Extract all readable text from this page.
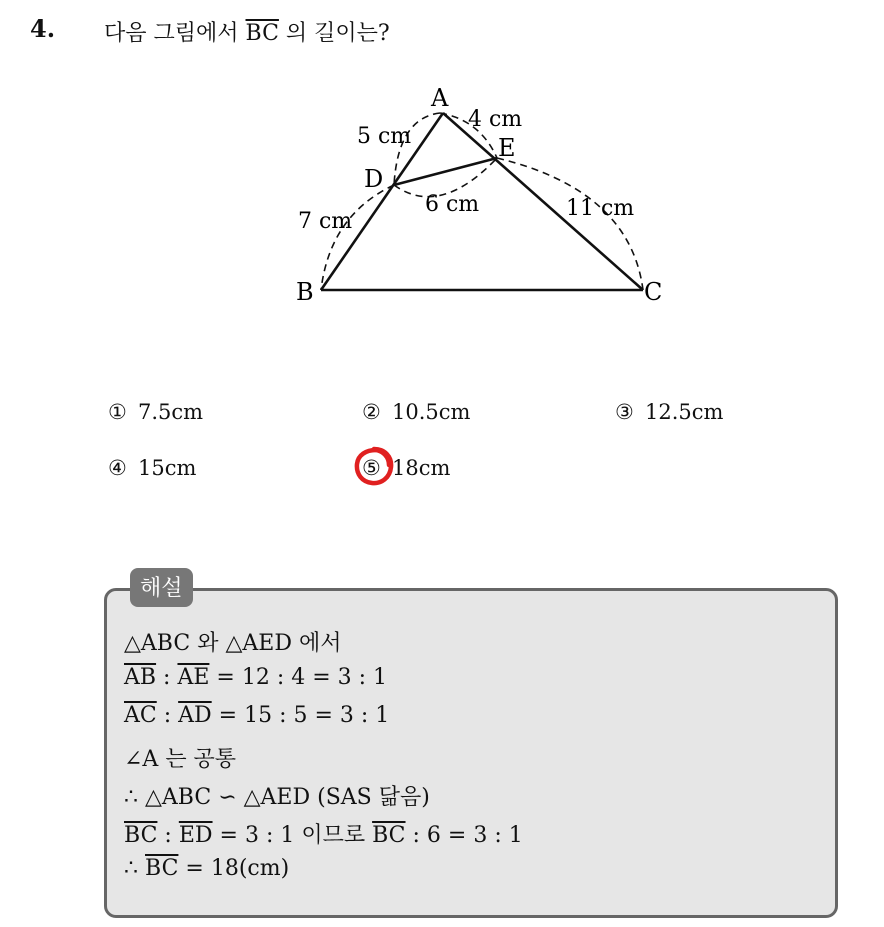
4. 다음 그림에서 $\overline{BC}$ 의 길이는?
A
B	C
D
E
5 cm
4 cm
7 cm
6 cm	11 cm
① 7.5cm	② 10.5cm	③ 12.5cm
④ 15cm	⑤ 18cm
해설
△ABC 와 △AED 에서
$\overline{AB}$ : $\overline{AE} = 12$ : 4 = 3 : 1
$\overline{AC}$ : $\overline{AD} = 15$ : 5 = 3 : 1
∠A 는 공통
∴ △ABC ∽ △AED (SAS 닮음)
$\overline{BC}$ : $\overline{ED} = 3$ : 1 이므로 $\overline{BC}$ : 6 = 3 : 1
∴ $\overline{BC} = 18(cm)$
